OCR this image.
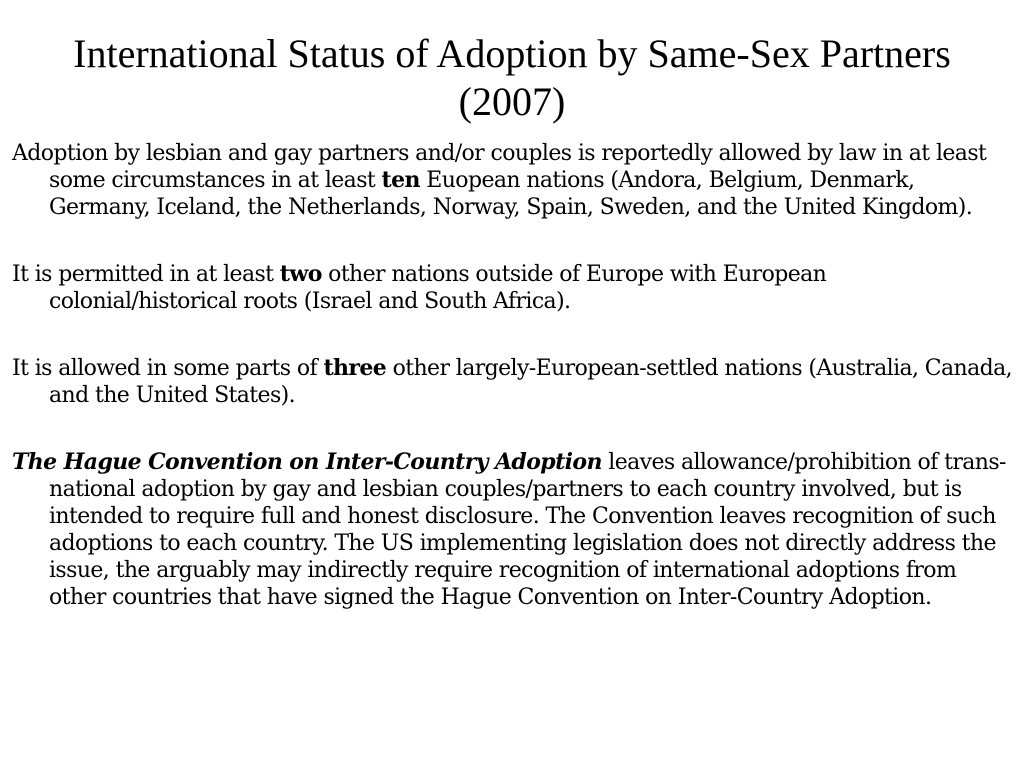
International Status of Adoption by Same-Sex Partners (2007)

Adoption by lesbian and gay partners and/or couples is reportedly allowed by law in at least some circumstances in at least ten Euopean nations (Andora, Belgium, Denmark, Germany, Iceland, the Netherlands, Norway, Spain, Sweden, and the United Kingdom).

It is permitted in at least two other nations outside of Europe with European colonial/historical roots (Israel and South Africa).

It is allowed in some parts of three other largely-European-settled nations (Australia, Canada, and the United States).

The Hague Convention on Inter-Country Adoption leaves allowance/prohibition of trans-national adoption by gay and lesbian couples/partners to each country involved, but is intended to require full and honest disclosure. The Convention leaves recognition of such adoptions to each country. The US implementing legislation does not directly address the issue, the arguably may indirectly require recognition of international adoptions from other countries that have signed the Hague Convention on Inter-Country Adoption.
